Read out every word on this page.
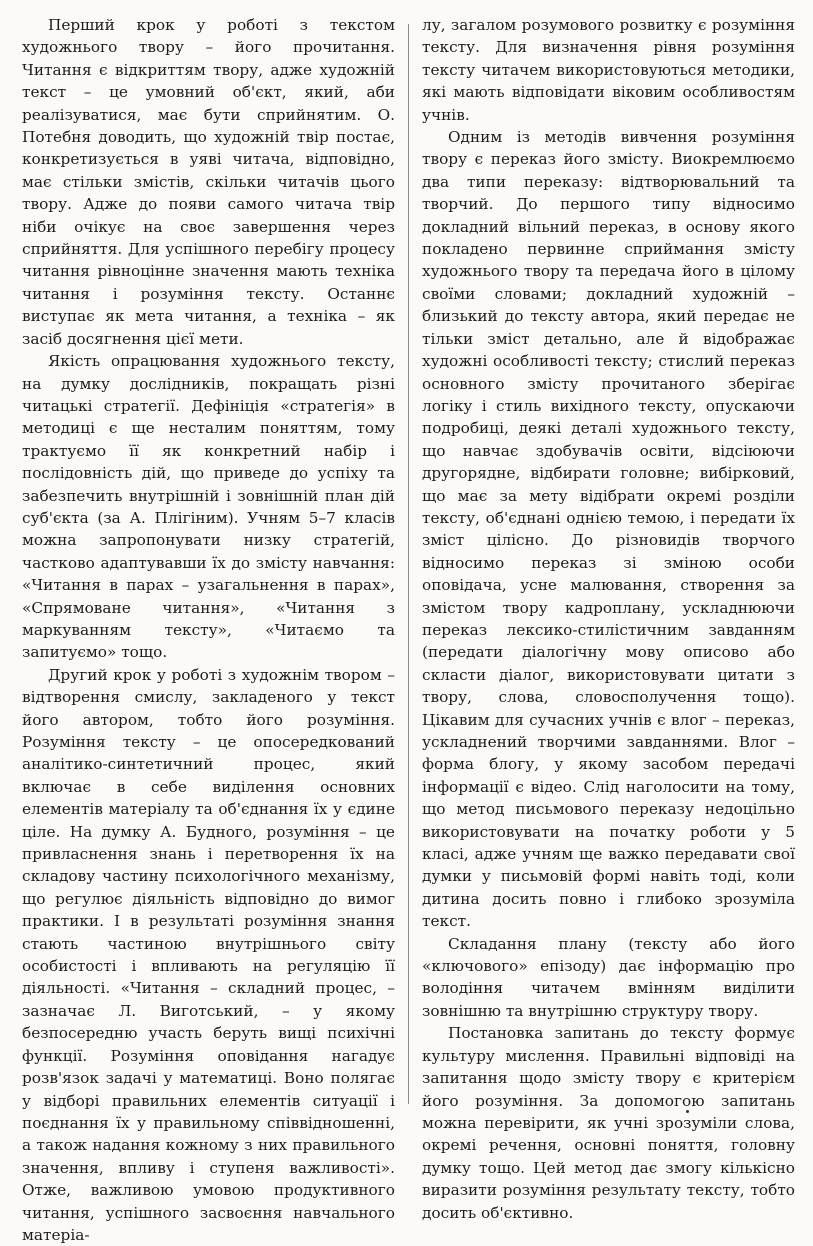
Перший крок у роботі з текстом художнього твору – його прочитання. Читання є відкриттям твору, адже художній текст – це умовний об'єкт, який, аби реалізуватися, має бути сприйнятим. О. Потебня доводить, що художній твір постає, конкретизується в уяві читача, відповідно, має стільки змістів, скільки читачів цього твору. Адже до появи самого читача твір ніби очікує на своє завершення через сприйняття. Для успішного перебігу процесу читання рівноцінне значення мають техніка читання і розуміння тексту. Останнє виступає як мета читання, а техніка – як засіб досягнення цієї мети.

Якість опрацювання художнього тексту, на думку дослідників, покращать різні читацькі стратегії. Дефініція «стратегія» в методиці є ще несталим поняттям, тому трактуємо її як конкретний набір і послідовність дій, що приведе до успіху та забезпечить внутрішній і зовнішній план дій суб'єкта (за А. Плігіним). Учням 5–7 класів можна запропонувати низку стратегій, частково адаптувавши їх до змісту навчання: «Читання в парах – узагальнення в парах», «Спрямоване читання», «Читання з маркуванням тексту», «Читаємо та запитуємо» тощо.

Другий крок у роботі з художнім твором – відтворення смислу, закладеного у текст його автором, тобто його розуміння. Розуміння тексту – це опосередкований аналітико-синтетичний процес, який включає в себе виділення основних елементів матеріалу та об'єднання їх у єдине ціле. На думку А. Будного, розуміння – це привласнення знань і перетворення їх на складову частину психологічного механізму, що регулює діяльність відповідно до вимог практики. І в результаті розуміння знання стають частиною внутрішнього світу особистості і впливають на регуляцію її діяльності. «Читання – складний процес, – зазначає Л. Виготський, – у якому безпосередню участь беруть вищі психічні функції. Розуміння оповідання нагадує розв'язок задачі у математиці. Воно полягає у відборі правильних елементів ситуації і поєднання їх у правильному співвідношенні, а також надання кожному з них правильного значення, впливу і ступеня важливості». Отже, важливою умовою продуктивного читання, успішного засвоєння навчального матеріа-

лу, загалом розумового розвитку є розуміння тексту. Для визначення рівня розуміння тексту читачем використовуються методики, які мають відповідати віковим особливостям учнів.

Одним із методів вивчення розуміння твору є переказ його змісту. Виокремлюємо два типи переказу: відтворювальний та творчий. До першого типу відносимо докладний вільний переказ, в основу якого покладено первинне сприймання змісту художнього твору та передача його в цілому своїми словами; докладний художній – близький до тексту автора, який передає не тільки зміст детально, але й відображає художні особливості тексту; стислий переказ основного змісту прочитаного зберігає логіку і стиль вихідного тексту, опускаючи подробиці, деякі деталі художнього тексту, що навчає здобувачів освіти, відсіюючи другорядне, відбирати головне; вибірковий, що має за мету відібрати окремі розділи тексту, об'єднані однією темою, і передати їх зміст цілісно. До різновидів творчого відносимо переказ зі зміною особи оповідача, усне малювання, створення за змістом твору кадроплану, ускладнюючи переказ лексико-стилістичним завданням (передати діалогічну мову описово або скласти діалог, використовувати цитати з твору, слова, словосполучення тощо). Цікавим для сучасних учнів є влог – переказ, ускладнений творчими завданнями. Влог – форма блогу, у якому засобом передачі інформації є відео. Слід наголосити на тому, що метод письмового переказу недоцільно використовувати на початку роботи у 5 класі, адже учням ще важко передавати свої думки у письмовій формі навіть тоді, коли дитина досить повно і глибоко зрозуміла текст.

Складання плану (тексту або його «ключового» епізоду) дає інформацію про володіння читачем вмінням виділити зовнішню та внутрішню структуру твору.

Постановка запитань до тексту формує культуру мислення. Правильні відповіді на запитання щодо змісту твору є критерієм його розуміння. За допомогою запитань можна перевірити, як учні зрозуміли слова, окремі речення, основні поняття, головну думку тощо. Цей метод дає змогу кількісно виразити розуміння результату тексту, тобто досить об'єктивно.
